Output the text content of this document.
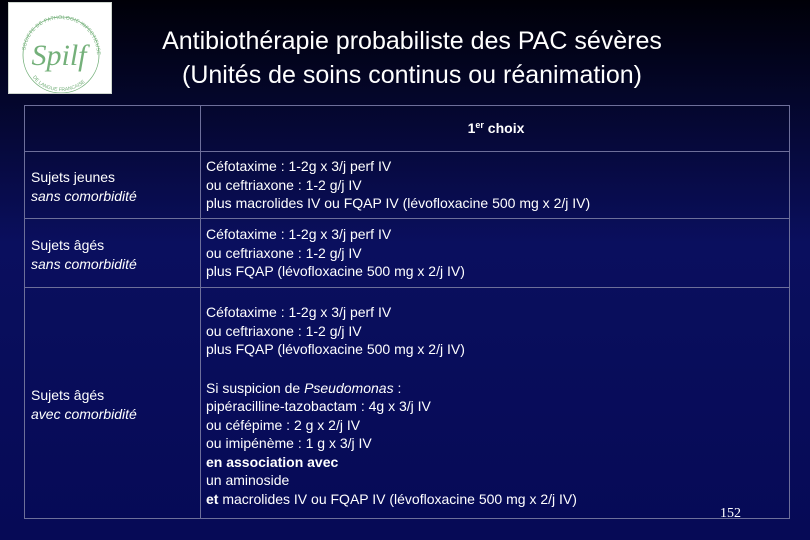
SOCIETE DE PATHOLOGIE INFECTIEUSE
DE LANGUE FRANCAISE
Spilf	Antibiothérapie probabiliste des PAC sévères
(Unités de soins continus ou réanimation)
1er choix
Sujets jeunes
sans comorbidité
Céfotaxime : 1-2g x 3/j perf IV
ou ceftriaxone : 1-2 g/j IV
plus macrolides IV ou FQAP IV (lévofloxacine 500 mg x 2/j IV)
Sujets âgés
sans comorbidité
Céfotaxime : 1-2g x 3/j perf IV
ou ceftriaxone : 1-2 g/j IV
plus FQAP (lévofloxacine 500 mg x 2/j IV)
Sujets âgés
avec comorbidité
Céfotaxime : 1-2g x 3/j perf IV
ou ceftriaxone : 1-2 g/j IV
plus FQAP (lévofloxacine 500 mg x 2/j IV)
Si suspicion de Pseudomonas :
pipéracilline-tazobactam : 4g x 3/j IV
ou céfépime : 2 g x 2/j IV
ou imipénème : 1 g x 3/j IV
en association avec
un aminoside
et macrolides IV ou FQAP IV (lévofloxacine 500 mg x 2/j IV)
152
